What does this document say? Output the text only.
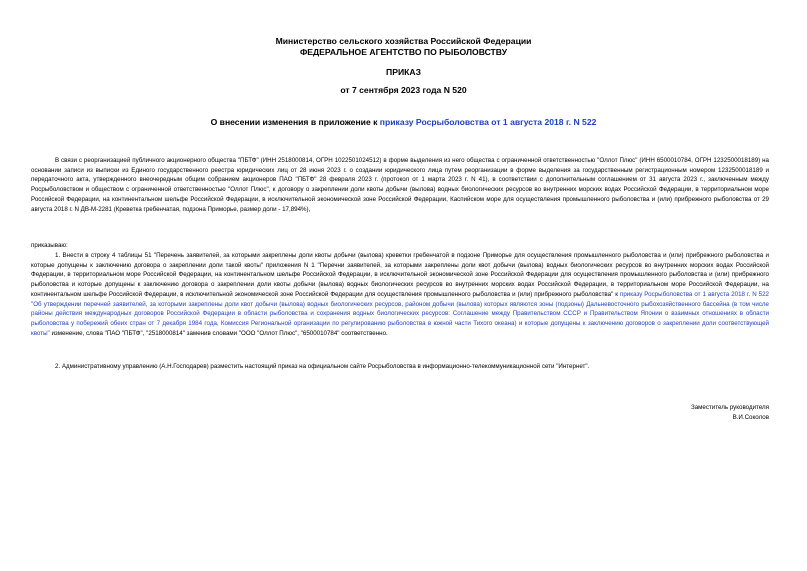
Министерство сельского хозяйства Российской Федерации

ФЕДЕРАЛЬНОЕ АГЕНТСТВО ПО РЫБОЛОВСТВУ

ПРИКАЗ
от 7 сентября 2023 года N 520
О внесении изменения в приложение к приказу Росрыболовства от 1 августа 2018 г. N 522

В связи с реорганизацией публичного акционерного общества "ПБТФ" (ИНН 2518000814, ОГРН 1022501024512) в форме выделения из него общества с ограниченной ответственностью "Оллот Плюс" (ИНН 6500010784, ОГРН 1232500018189) на основании записи из выписки из Единого государственного реестра юридических лиц от 28 июня 2023 г. о создании юридического лица путем реорганизации в форме выделения за государственным регистрационным номером 1232500018189 и передаточного акта, утвержденного внеочередным общим собранием акционеров ПАО "ПБТФ" 28 февраля 2023 г. (протокол от 1 марта 2023 г. N 41), в соответствии с дополнительным соглашением от 31 августа 2023 г., заключенным между Росрыболовством и обществом с ограниченной ответственностью "Оллот Плюс", к договору о закреплении доли квоты добычи (вылова) водных биологических ресурсов во внутренних морских водах Российской Федерации, в территориальном море Российской Федерации, на континентальном шельфе Российской Федерации, в исключительной экономической зоне Российской Федерации, Каспийском море для осуществления промышленного рыболовства и (или) прибрежного рыболовства от 29 августа 2018 г. N ДВ-М-2281 (Креветка гребенчатая, подзона Приморье, размер доли - 17,894%),

приказываю:

1. Внести в строку 4 таблицы 51 "Перечень заявителей, за которыми закреплены доли квоты добычи (вылова) креветки гребенчатой в подзоне Приморье для осуществления промышленного рыболовства и (или) прибрежного рыболовства и которые допущены к заключению договора о закреплении доли такой квоты" приложения N 1 "Перечни заявителей, за которыми закреплены доли квот добычи (вылова) водных биологических ресурсов во внутренних морских водах Российской Федерации, в территориальном море Российской Федерации, на континентальном шельфе Российской Федерации, в исключительной экономической зоне Российской Федерации для осуществления промышленного рыболовства и (или) прибрежного рыболовства и которые допущены к заключению договора о закреплении доли квоты добычи (вылова) водных биологических ресурсов во внутренних морских водах Российской Федерации, в территориальном море Российской Федерации, на континентальном шельфе Российской Федерации, в исключительной экономической зоне Российской Федерации для осуществления промышленного рыболовства и (или) прибрежного рыболовства" к приказу Росрыболовства от 1 августа 2018 г. N 522 "Об утверждении перечней заявителей, за которыми закреплены доли квот добычи (вылова) водных биологических ресурсов, районом добычи (вылова) которых являются зоны (подзоны) Дальневосточного рыбохозяйственного бассейна (в том числе районы действия международных договоров Российской Федерации в области рыболовства и сохранения водных биологических ресурсов: Соглашение между Правительством СССР и Правительством Японии о взаимных отношениях в области рыболовства у побережий обеих стран от 7 декабря 1984 года, Комиссия Региональной организации по регулированию рыболовства в южной части Тихого океана) и которые допущены к заключению договоров о закреплении доли соответствующей квоты" изменение, слова "ПАО "ПБТФ", "2518000814" заменив словами "ООО "Оллот Плюс", "6500010784" соответственно.

2. Административному управлению (А.Н.Господарев) разместить настоящий приказ на официальном сайте Росрыболовства в информационно-телекоммуникационной сети "Интернет".

Заместитель руководителя

В.И.Соколов
